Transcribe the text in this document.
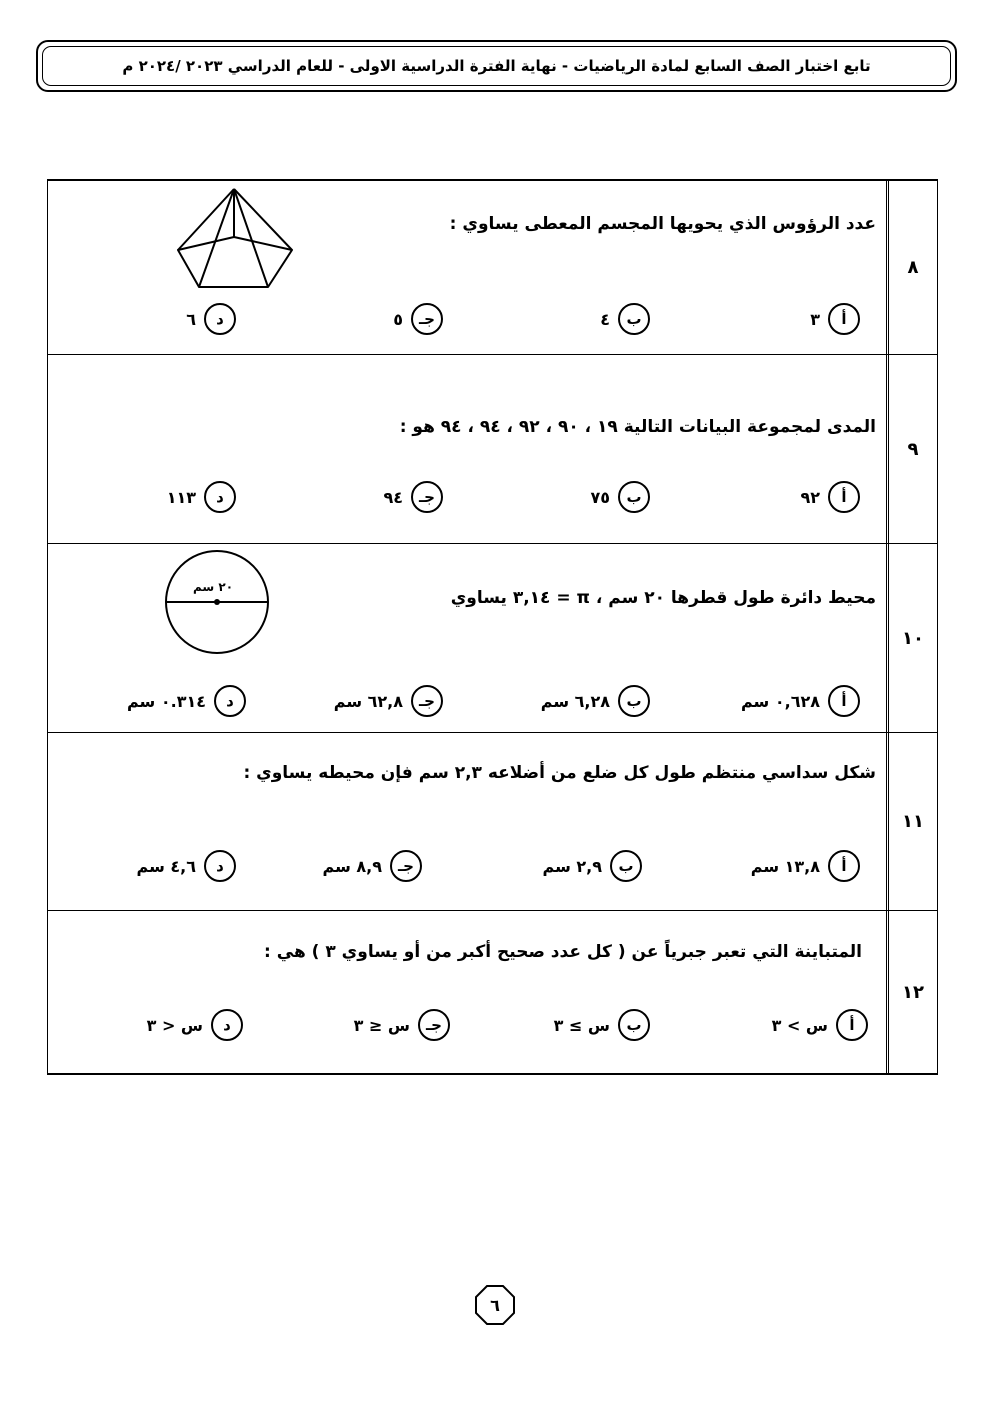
تابع اختبار الصف السابع لمادة الرياضيات - نهاية الفترة الدراسية الاولى - للعام الدراسي ٢٠٢٣ /٢٠٢٤ م
٨
عدد الرؤوس الذي يحويها المجسم المعطى يساوي :
أ
٣
ب
٤
جـ
٥
د
٦
٩
المدى لمجموعة البيانات التالية ١٩ ، ٩٠ ، ٩٢ ، ٩٤ ، ٩٤ هو :
أ
٩٢
ب
٧٥
جـ
٩٤
د
١١٣
١٠
محيط دائرة طول قطرها ٢٠ سم ، π = ٣,١٤ يساوي
٢٠ سم
أ
٠,٦٢٨ سم
ب
٦,٢٨ سم
جـ
٦٢,٨ سم
د
٠.٣١٤ سم
١١
شكل سداسي منتظم طول كل ضلع من أضلاعه ٢,٣ سم فإن محيطه يساوي :
أ
١٣,٨ سم
ب
٢,٩ سم
جـ
٨,٩ سم
د
٤,٦ سم
١٢
المتباينة التي تعبر جبرياً عن ( كل عدد صحيح أكبر من أو يساوي ٣ ) هي :
أ
س > ٣
ب
س ≥ ٣
جـ
س ≤ ٣
د
س < ٣
٦
